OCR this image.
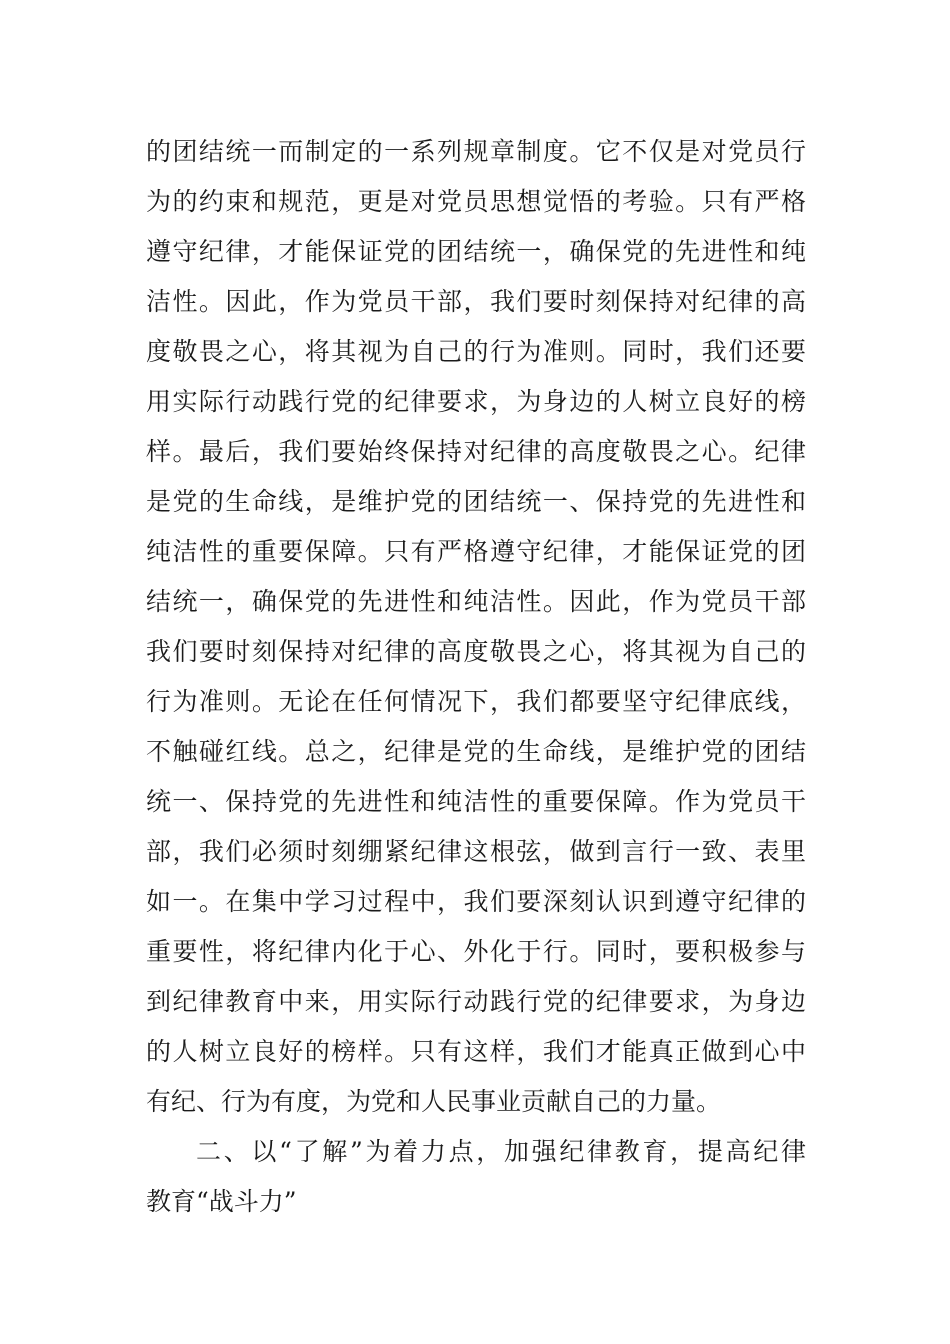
的团结统一而制定的一系列规章制度。它不仅是对党员行
为的约束和规范，更是对党员思想觉悟的考验。只有严格
遵守纪律，才能保证党的团结统一，确保党的先进性和纯
洁性。因此，作为党员干部，我们要时刻保持对纪律的高
度敬畏之心，将其视为自己的行为准则。同时，我们还要
用实际行动践行党的纪律要求，为身边的人树立良好的榜
样。最后，我们要始终保持对纪律的高度敬畏之心。纪律
是党的生命线，是维护党的团结统一、保持党的先进性和
纯洁性的重要保障。只有严格遵守纪律，才能保证党的团
结统一，确保党的先进性和纯洁性。因此，作为党员干部
我们要时刻保持对纪律的高度敬畏之心，将其视为自己的
行为准则。无论在任何情况下，我们都要坚守纪律底线，
不触碰红线。总之，纪律是党的生命线，是维护党的团结
统一、保持党的先进性和纯洁性的重要保障。作为党员干
部，我们必须时刻绷紧纪律这根弦，做到言行一致、表里
如一。在集中学习过程中，我们要深刻认识到遵守纪律的
重要性，将纪律内化于心、外化于行。同时，要积极参与
到纪律教育中来，用实际行动践行党的纪律要求，为身边
的人树立良好的榜样。只有这样，我们才能真正做到心中
有纪、行为有度，为党和人民事业贡献自己的力量。
二、以“了解”为着力点，加强纪律教育，提高纪律
教育“战斗力”
